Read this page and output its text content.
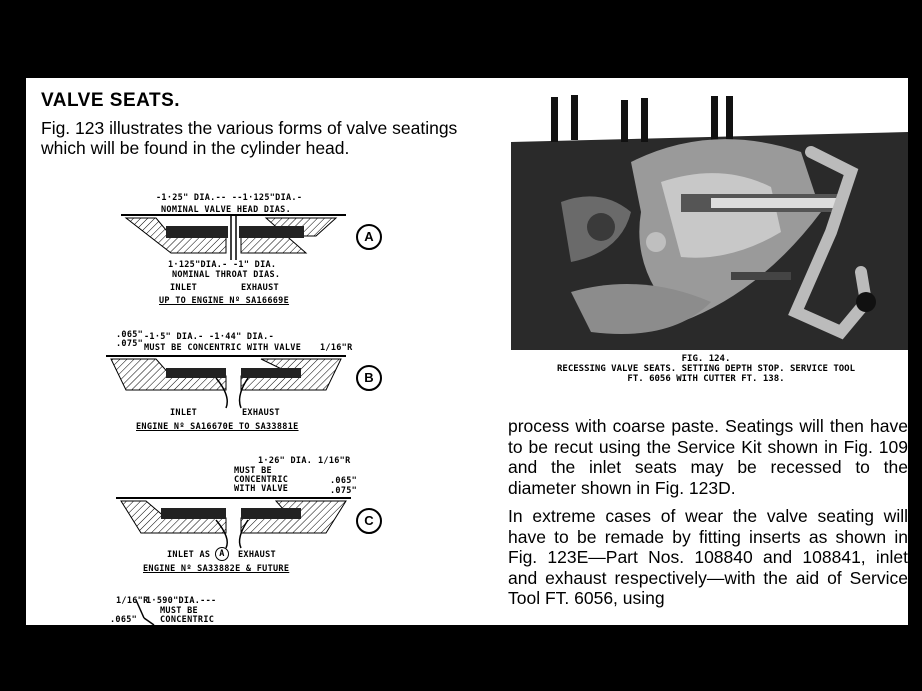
VALVE SEATS.
Fig. 123 illustrates the various forms of valve seatings which will be found in the cylinder head.
-1·25" DIA.-- --1·125"DIA.-
NOMINAL VALVE HEAD DIAS.
1·125"DIA.- -1" DIA.
NOMINAL THROAT DIAS.
INLET	EXHAUST
UP TO ENGINE Nº SA16669E
A
.065"
.075"
-1·5" DIA.- -1·44" DIA.-
MUST BE CONCENTRIC WITH VALVE 1/16"R
INLET	EXHAUST
ENGINE Nº SA16670E TO SA33881E
B
1·26" DIA. 1/16"R
MUST BE
CONCENTRIC
WITH VALVE
.065"
.075"
INLET AS	A	EXHAUST
ENGINE Nº SA33882E & FUTURE
C
1/16"R
1·590"DIA.---
MUST BE
CONCENTRIC
.065"
FIG. 124.
RECESSING VALVE SEATS. SETTING DEPTH STOP. SERVICE TOOL
FT. 6056 WITH CUTTER FT. 138.

process with coarse paste. Seatings will then have to be recut using the Service Kit shown in Fig. 109 and the inlet seats may be recessed to the diameter shown in Fig. 123D.

In extreme cases of wear the valve seating will have to be remade by fitting inserts as shown in Fig. 123E—Part Nos. 108840 and 108841, inlet and exhaust respectively—with the aid of Service Tool FT. 6056, using
